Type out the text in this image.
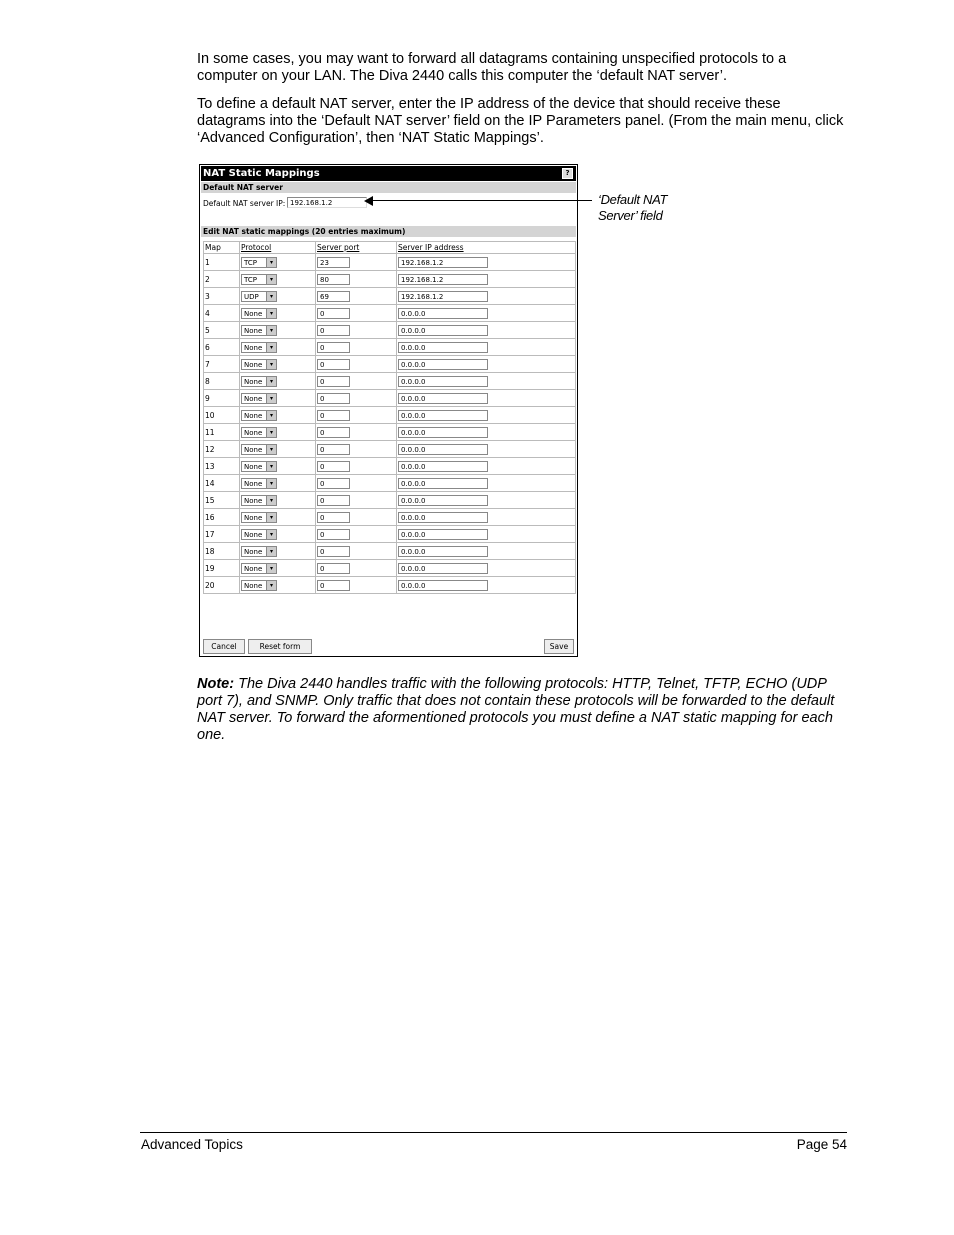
In some cases, you may want to forward all datagrams containing unspecified protocols to a computer on your LAN. The Diva 2440 calls this computer the ‘default NAT server’.

To define a default NAT server, enter the IP address of the device that should receive these datagrams into the ‘Default NAT server’ field on the IP Parameters panel. (From the main menu, click ‘Advanced Configuration’, then ‘NAT Static Mappings’.

NAT Static Mappings	?
Default NAT server
Default NAT server IP: 192.168.1.2
Edit NAT static mappings (20 entries maximum)
Map	Protocol	Server port	Server IP address
1	TCP ▾	23	192.168.1.2
2	TCP ▾	80	192.168.1.2
3	UDP ▾	69	192.168.1.2
4	None ▾	0	0.0.0.0
5	None ▾	0	0.0.0.0
6	None ▾	0	0.0.0.0
7	None ▾	0	0.0.0.0
8	None ▾	0	0.0.0.0
9	None ▾	0	0.0.0.0
10	None ▾	0	0.0.0.0
11	None ▾	0	0.0.0.0
12	None ▾	0	0.0.0.0
13	None ▾	0	0.0.0.0
14	None ▾	0	0.0.0.0
15	None ▾	0	0.0.0.0
16	None ▾	0	0.0.0.0
17	None ▾	0	0.0.0.0
18	None ▾	0	0.0.0.0
19	None ▾	0	0.0.0.0
20	None ▾	0	0.0.0.0
Cancel	Reset form	Save
‘Default NAT
Server’ field

Note: The Diva 2440 handles traffic with the following protocols: HTTP, Telnet, TFTP, ECHO (UDP port 7), and SNMP. Only traffic that does not contain these protocols will be forwarded to the default NAT server. To forward the aformentioned protocols you must define a NAT static mapping for each one.

Advanced Topics	Page 54
